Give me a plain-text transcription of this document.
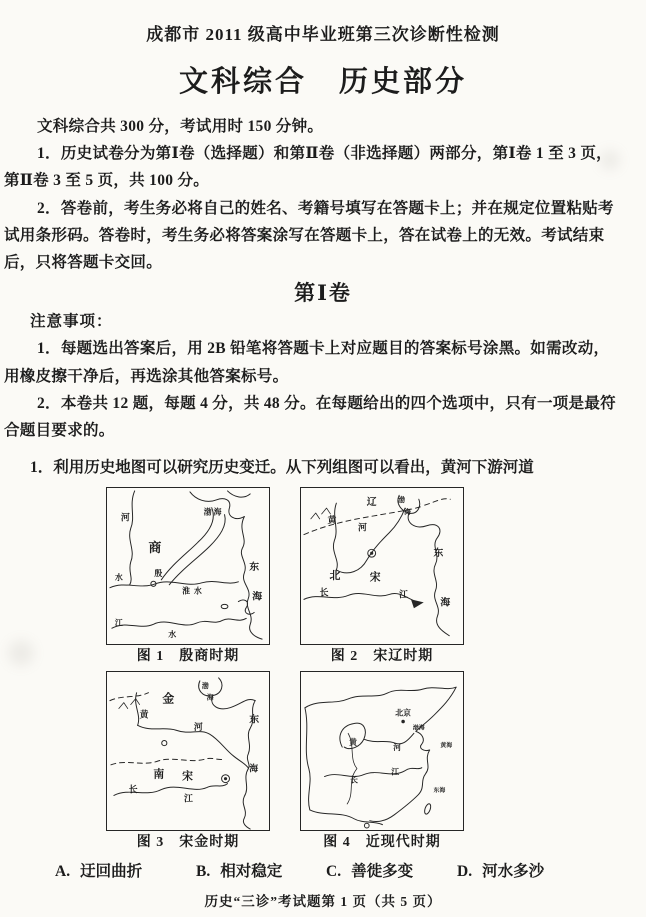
成都市 2011 级高中毕业班第三次诊断性检测
文科综合　历史部分
文科综合共 300 分，考试用时 150 分钟。
1．历史试卷分为第Ⅰ卷（选择题）和第Ⅱ卷（非选择题）两部分，第Ⅰ卷 1 至 3 页，
第Ⅱ卷 3 至 5 页，共 100 分。
2．答卷前，考生务必将自己的姓名、考籍号填写在答题卡上；并在规定位置粘贴考
试用条形码。答卷时，考生务必将答案涂写在答题卡上，答在试卷上的无效。考试结束
后，只将答题卡交回。
第Ⅰ卷
注意事项：
1．每题选出答案后，用 2B 铅笔将答题卡上对应题目的答案标号涂黑。如需改动，
用橡皮擦干净后，再选涂其他答案标号。
2．本卷共 12 题，每题 4 分，共 48 分。在每题给出的四个选项中，只有一项是最符
合题目要求的。
1．利用历史地图可以研究历史变迁。从下列组图可以看出，黄河下游河道
河
商
殷
渤海
东
海
水
淮水
江
水
图 1　殷商时期
辽	渤
海
黄
河
北	宋
长	江
东
海
图 2　宋辽时期
金
渤
海
东
黄
河
南 宋
长
江
海
图 3　宋金时期
北京
渤海
黄海
黄
河
长
江
东海
图 4　近现代时期
A. 迂回曲折	B. 相对稳定	C. 善徙多变	D. 河水多沙
历史“三诊”考试题第 1 页（共 5 页）
